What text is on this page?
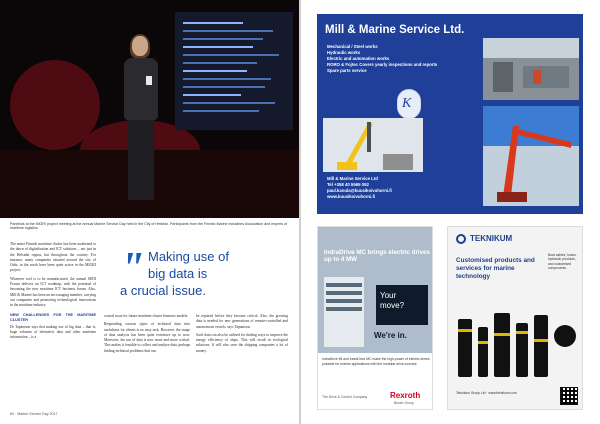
Panelists at the MIGRI project meeting at the annual Marine Service Day held in the City of Helsinki. Participants from the Finnish Marine Industries Association and experts of maritime logistics.

The entire Finnish maritime cluster has been awakened to the dawn of digitalisation and ICT solutions – not just in the Helsinki region, but throughout the country. For instance, many companies situated around the city of Oulu, in the north have been quite active in the MIGRI project.

Whatever tool is to be manufactured, the annual SEDI Forum delivers an ICT roadmap, with the potential of becoming the new maritime ICT business forum. Also, Mill & Marine has been an encouraging member, carrying out companies and promoting technological innovations in the maritime industry.

NEW CHALLENGES FOR THE MARITIME CLUSTER

Dr Tapanison says that making use of big data – that is, huge volumes of telemetric data and other maritime information – is a

" Making use of
big data is
a crucial issue.

crucial issue for future maritime cluster business models.

Responding various types of technical data into usefulness for clients is no easy task. However, the usage of data analysis has been quite extensive up to now. Moreover, the use of data is now more and more critical. This makes it feasible to collect and analyse data, perhaps finding technical problems that can

be repaired before they become critical. Also, the growing data is needed for new generations of remote-controlled and autonomous vessels, says Tapanison.

Such data can also be utilised for finding ways to improve the energy efficiency of ships. This will result in ecological solutions. It will also save the shipping companies a lot of money.

84 · Marine Service Day 2017
Mill & Marine Service Ltd.
Mechanical / Steel works
Hydraulic works
Electric and automation works
RORO & Fojtec Covers yearly inspections and reports
Spare parts service
K
Mill & Marine Service Ltd
Tel +358 40 5565 052
paul.kanula@kuusikoivuhorni.fi
www.kuusikoivuhorni.fi
IndraDrive MC brings electric drives up to 4 MW
Your
move?
We're in.
IndraDrive Mi and IndraDrive MC make the high-power of electric drives possible for marine applications with the modular drive concept.
The Drive & Control Company	Rexroth
Bosch Group
TEKNIKUM
Customised products and services for marine technology
Boat cables, hoses, hydraulic products, and customised components.
Teknikum Group Ltd · www.teknikum.com
